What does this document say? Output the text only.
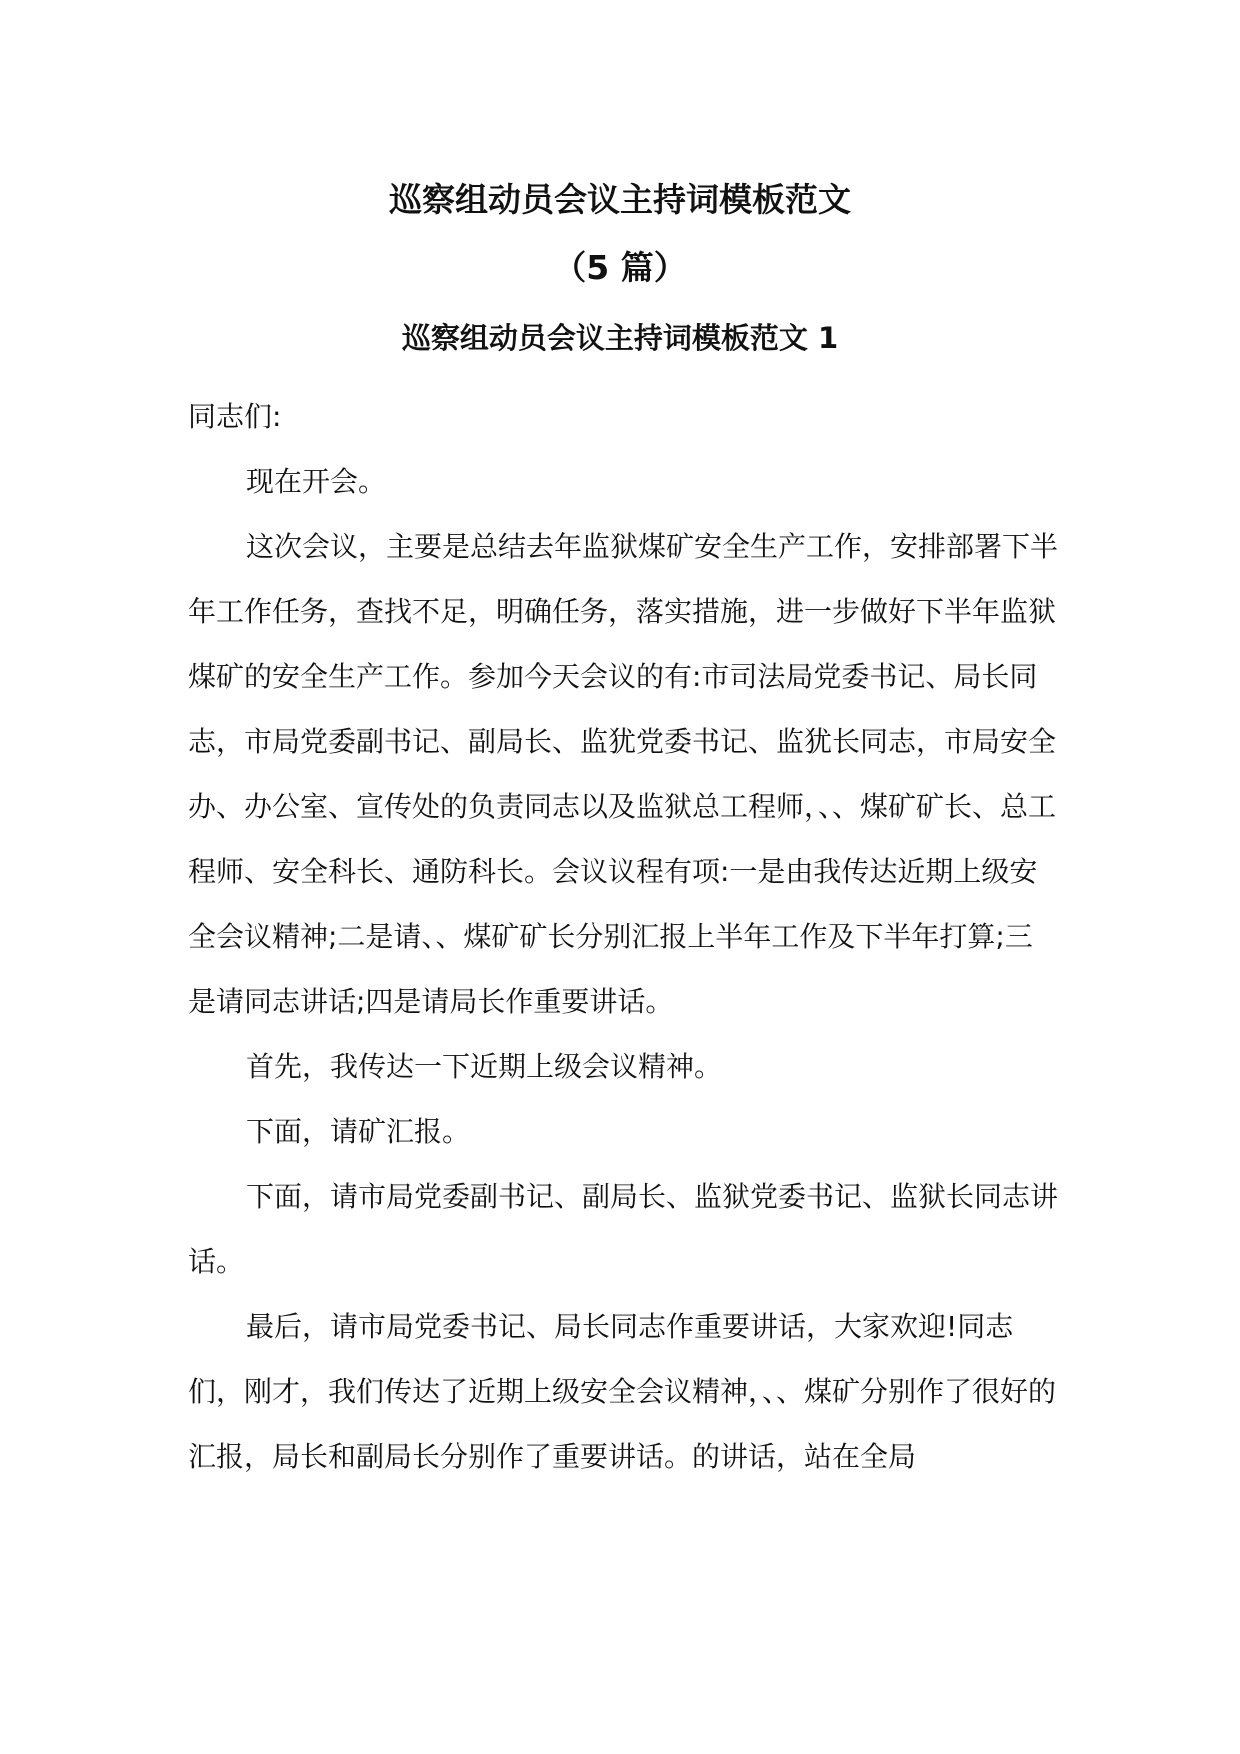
巡察组动员会议主持词模板范文
（5 篇）
巡察组动员会议主持词模板范文 1

同志们:

现在开会。

这次会议，主要是总结去年监狱煤矿安全生产工作，安排部署下半年工作任务，查找不足，明确任务，落实措施，进一步做好下半年监狱煤矿的安全生产工作。参加今天会议的有:市司法局党委书记、局长同志，市局党委副书记、副局长、监犹党委书记、监犹长同志，市局安全办、办公室、宣传处的负责同志以及监狱总工程师，、、煤矿矿长、总工程师、安全科长、通防科长。会议议程有项:一是由我传达近期上级安全会议精神;二是请、、煤矿矿长分别汇报上半年工作及下半年打算;三是请同志讲话;四是请局长作重要讲话。

首先，我传达一下近期上级会议精神。

下面，请矿汇报。

下面，请市局党委副书记、副局长、监狱党委书记、监狱长同志讲话。

最后，请市局党委书记、局长同志作重要讲话，大家欢迎!同志们，刚才，我们传达了近期上级安全会议精神，、、煤矿分别作了很好的汇报，局长和副局长分别作了重要讲话。的讲话，站在全局
